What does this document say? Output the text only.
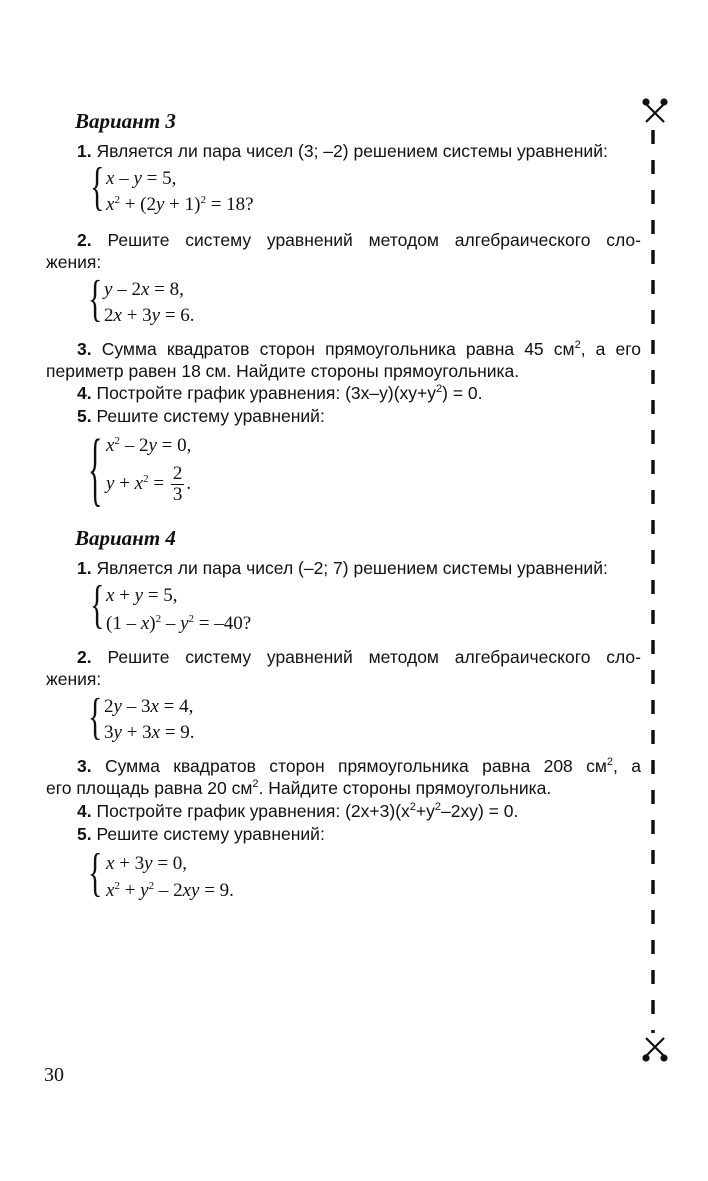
Вариант 3
1. Является ли пара чисел (3; –2) решением системы уравнений:
{ x – y = 5,
$x^2 + (2y + 1)^2 = 18$?
2. Решите систему уравнений методом алгебраического сло-
жения:
{ y – 2x = 8,
2x + 3y = 6.
3. Сумма квадратов сторон прямоугольника равна 45 $см^2$, а его
периметр равен 18 см. Найдите стороны прямоугольника.
4. Постройте график уравнения: $(3x-y)(xy+y^2) = 0$.
5. Решите систему уравнений:
{ $x^2 - 2y = 0$,
$y + x^2 = \frac{2}{3}$ .
Вариант 4
1. Является ли пара чисел (–2; 7) решением системы уравнений:
{ x + y = 5,
$(1 - x)^2 - y^2 = -40$?
2. Решите систему уравнений методом алгебраического сло-
жения:
{ 2y – 3x = 4,
3y + 3x = 9.
3. Сумма квадратов сторон прямоугольника равна 208 $см^2$, а
его площадь равна 20 $см^2$. Найдите стороны прямоугольника.
4. Постройте график уравнения: $(2x+3)(x^2+y^2-2xy) = 0$.
5. Решите систему уравнений:
{ x + 3y = 0,
$x^2 + y^2 - 2xy = 9$.
30
